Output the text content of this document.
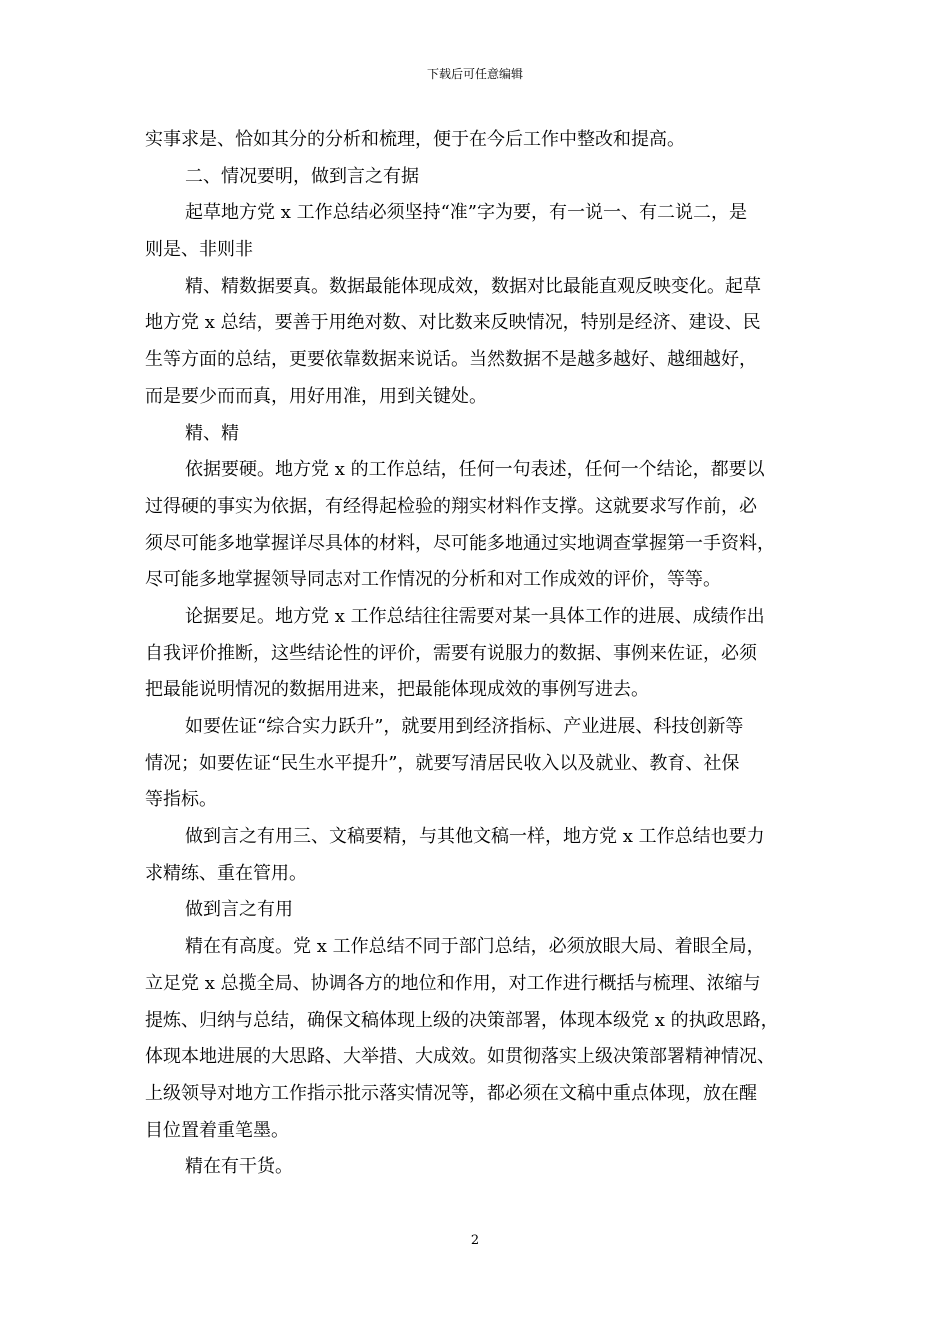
下载后可任意编辑
实事求是、恰如其分的分析和梳理，便于在今后工作中整改和提高。
二、情况要明，做到言之有据
起草地方党 x 工作总结必须坚持“准”字为要，有一说一、有二说二，是
则是、非则非
精、精数据要真。数据最能体现成效，数据对比最能直观反映变化。起草
地方党 x 总结，要善于用绝对数、对比数来反映情况，特别是经济、建设、民
生等方面的总结，更要依靠数据来说话。当然数据不是越多越好、越细越好，
而是要少而而真，用好用准，用到关键处。
精、精
依据要硬。地方党 x 的工作总结，任何一句表述，任何一个结论，都要以
过得硬的事实为依据，有经得起检验的翔实材料作支撑。这就要求写作前，必
须尽可能多地掌握详尽具体的材料，尽可能多地通过实地调查掌握第一手资料，
尽可能多地掌握领导同志对工作情况的分析和对工作成效的评价，等等。
论据要足。地方党 x 工作总结往往需要对某一具体工作的进展、成绩作出
自我评价推断，这些结论性的评价，需要有说服力的数据、事例来佐证，必须
把最能说明情况的数据用进来，把最能体现成效的事例写进去。
如要佐证“综合实力跃升”，就要用到经济指标、产业进展、科技创新等
情况；如要佐证“民生水平提升”，就要写清居民收入以及就业、教育、社保
等指标。
做到言之有用三、文稿要精，与其他文稿一样，地方党 x 工作总结也要力
求精练、重在管用。
做到言之有用
精在有高度。党 x 工作总结不同于部门总结，必须放眼大局、着眼全局，
立足党 x 总揽全局、协调各方的地位和作用，对工作进行概括与梳理、浓缩与
提炼、归纳与总结，确保文稿体现上级的决策部署，体现本级党 x 的执政思路，
体现本地进展的大思路、大举措、大成效。如贯彻落实上级决策部署精神情况、
上级领导对地方工作指示批示落实情况等，都必须在文稿中重点体现，放在醒
目位置着重笔墨。
精在有干货。
2
